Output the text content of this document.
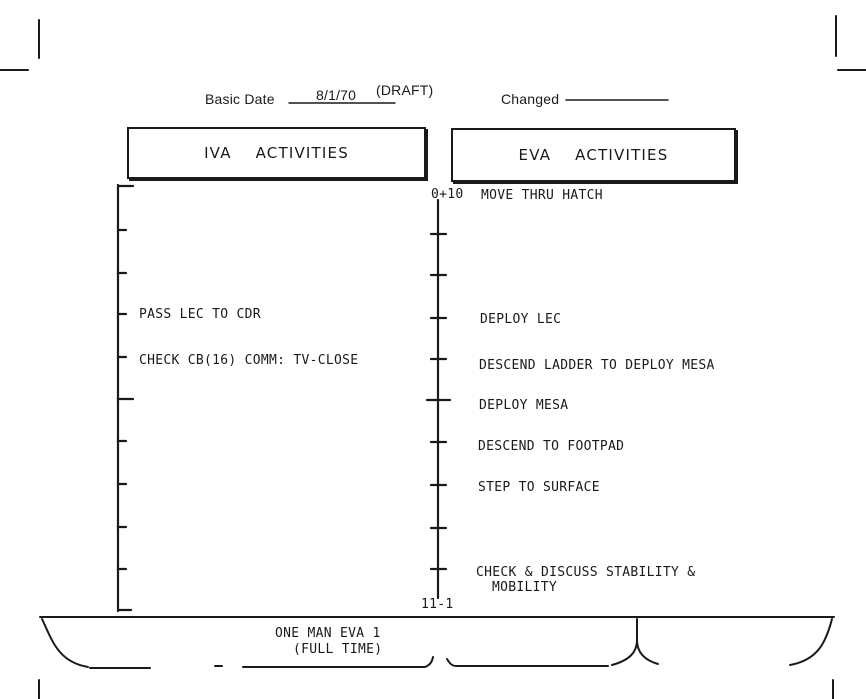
Basic Date	8/1/70 (DRAFT)
Changed
IVA  ACTIVITIES	EVA  ACTIVITIES
0+10
PASS LEC TO CDR
CHECK CB(16) COMM: TV-CLOSE
MOVE THRU HATCH
DEPLOY LEC
DESCEND LADDER TO DEPLOY MESA
DEPLOY MESA
DESCEND TO FOOTPAD
STEP TO SURFACE
CHECK & DISCUSS STABILITY &
MOBILITY
11-1
ONE MAN EVA 1
(FULL TIME)
